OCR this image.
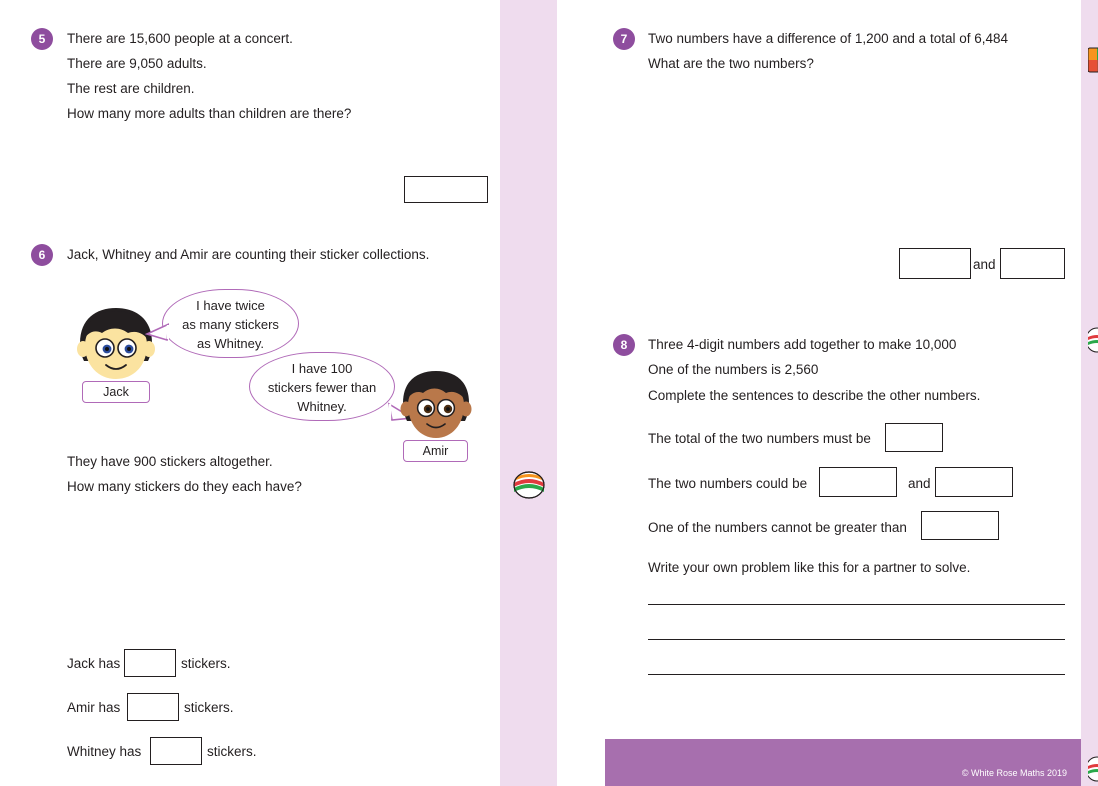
5	There are 15,600 people at a concert.
There are 9,050 adults.
The rest are children.
How many more adults than children are there?
6	Jack, Whitney and Amir are counting their sticker collections.
I have twice
as many stickers
as Whitney.
Jack
I have 100
stickers fewer than
Whitney.
Amir
They have 900 stickers altogether.
How many stickers do they each have?
Jack has	stickers.
Amir has	stickers.
Whitney has	stickers.
7	Two numbers have a difference of 1,200 and a total of 6,484
What are the two numbers?
and
8	Three 4-digit numbers add together to make 10,000
One of the numbers is 2,560
Complete the sentences to describe the other numbers.
The total of the two numbers must be
The two numbers could be	and
One of the numbers cannot be greater than
Write your own problem like this for a partner to solve.
© White Rose Maths 2019
